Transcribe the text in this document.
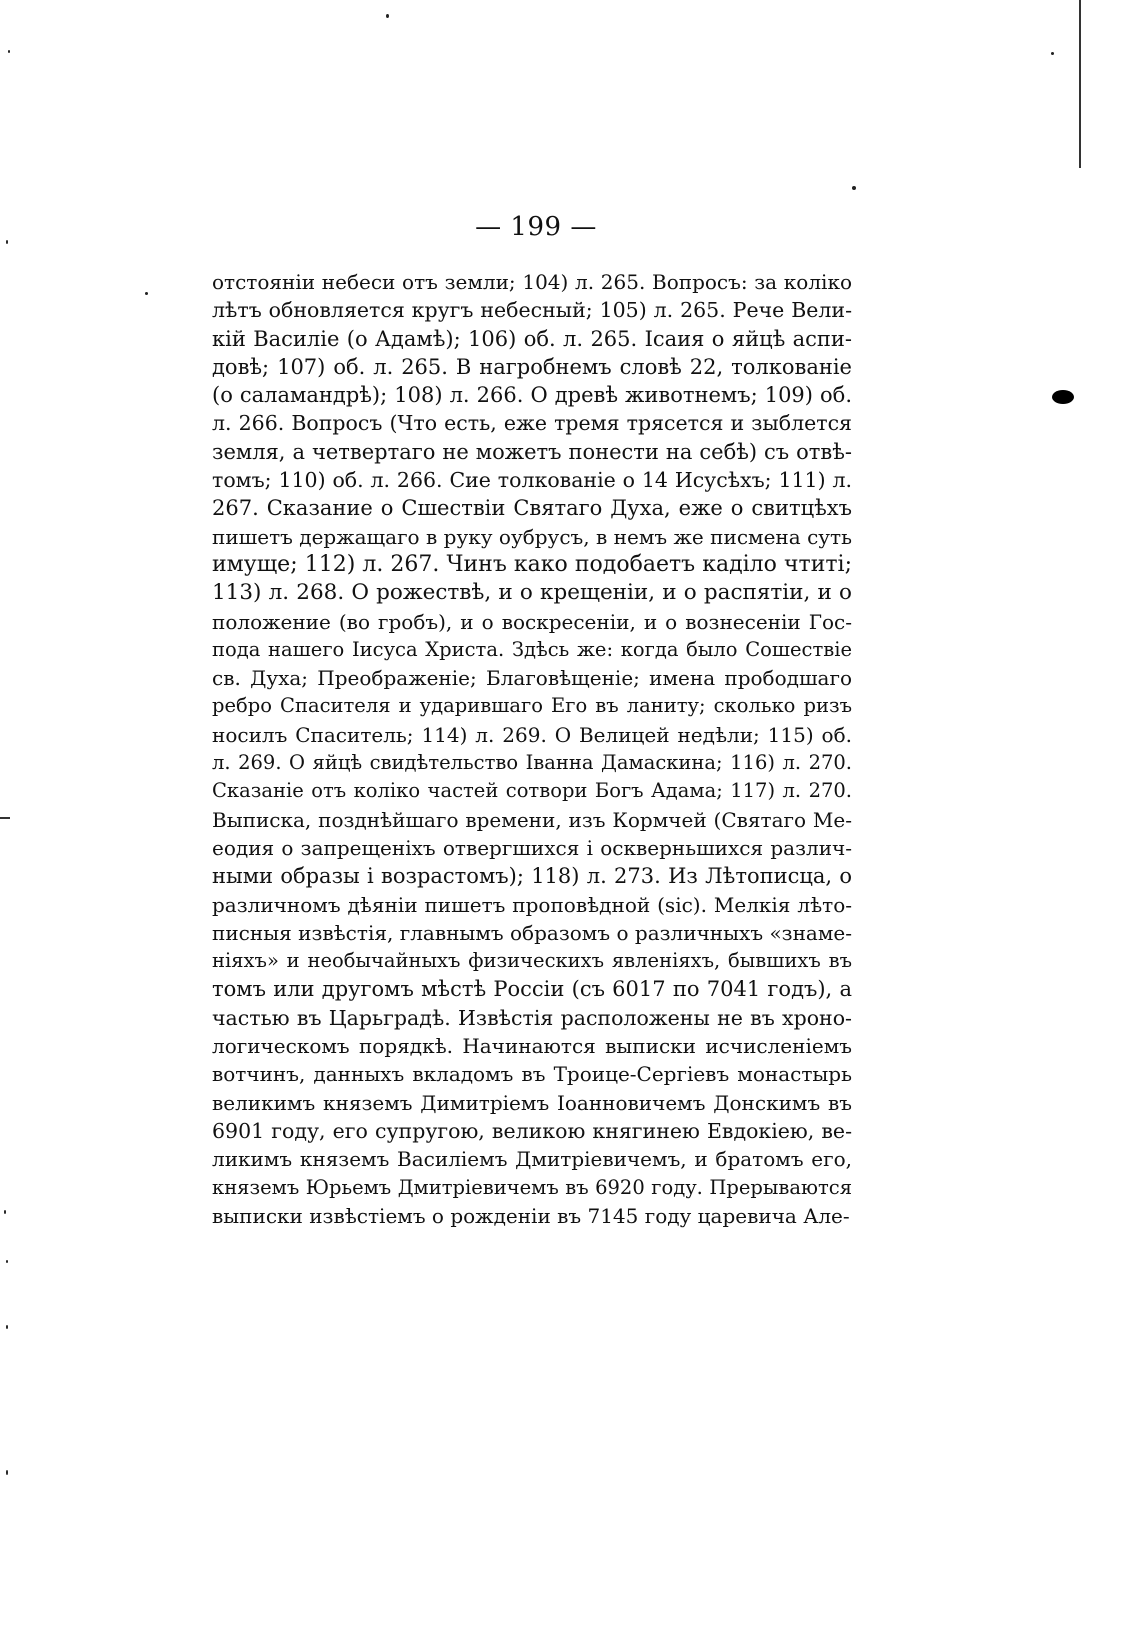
— 199 —
отстояніи небеси отъ земли; 104) л. 265. Вопросъ: за коліко
лѣтъ обновляется кругъ небесный; 105) л. 265. Рече Вели-
кій Василіе (о Адамѣ); 106) об. л. 265. Ісаия о яйцѣ аспи-
довѣ; 107) об. л. 265. В нагробнемъ словѣ 22, толкованіе
(о саламандрѣ); 108) л. 266. О древѣ животнемъ; 109) об.
л. 266. Вопросъ (Что есть, еже тремя трясется и зыблется
земля, а четвертаго не можетъ понести на себѣ) съ отвѣ-
томъ; 110) об. л. 266. Сие толкованіе о 14 Исусѣхъ; 111) л.
267. Сказание о Сшествіи Святаго Духа, еже о свитцѣхъ
пишетъ держащаго в руку оубрусъ, в немъ же писмена суть
имуще; 112) л. 267. Чинъ како подобаетъ каділо чтиті;
113) л. 268. О рожествѣ, и о крещеніи, и о распятіи, и о
положение (во гробъ), и о воскресеніи, и о вознесеніи Гос-
пода нашего Іисуса Христа. Здѣсь же: когда было Сошествіе
св. Духа; Преображеніе; Благовѣщеніе; имена прободшаго
ребро Спасителя и ударившаго Его въ ланиту; сколько ризъ
носилъ Спаситель; 114) л. 269. О Велицей недѣли; 115) об.
л. 269. О яйцѣ свидѣтельство Іванна Дамаскина; 116) л. 270.
Сказаніе отъ коліко частей сотвори Богъ Адама; 117) л. 270.
Выписка, позднѣйшаго времени, изъ Кормчей (Святаго Ме-
еодия о запрещеніхъ отвергшихся і оскверньшихся различ-
ными образы і возрастомъ); 118) л. 273. Из Лѣтописца, о
различномъ дѣяніи пишетъ проповѣдной (sic). Мелкія лѣто-
писныя извѣстія, главнымъ образомъ о различныхъ «знаме-
ніяхъ» и необычайныхъ физическихъ явленіяхъ, бывшихъ въ
томъ или другомъ мѣстѣ Россіи (съ 6017 по 7041 годъ), а
частью въ Царьградѣ. Извѣстія расположены не въ хроно-
логическомъ порядкѣ. Начинаются выписки исчисленіемъ
вотчинъ, данныхъ вкладомъ въ Троице-Сергіевъ монастырь
великимъ княземъ Димитріемъ Іоанновичемъ Донскимъ въ
6901 году, его супругою, великою княгинею Евдокіею, ве-
ликимъ княземъ Василіемъ Дмитріевичемъ, и братомъ его,
княземъ Юрьемъ Дмитріевичемъ въ 6920 году. Прерываются
выписки извѣстіемъ о рожденіи въ 7145 году царевича Але-
